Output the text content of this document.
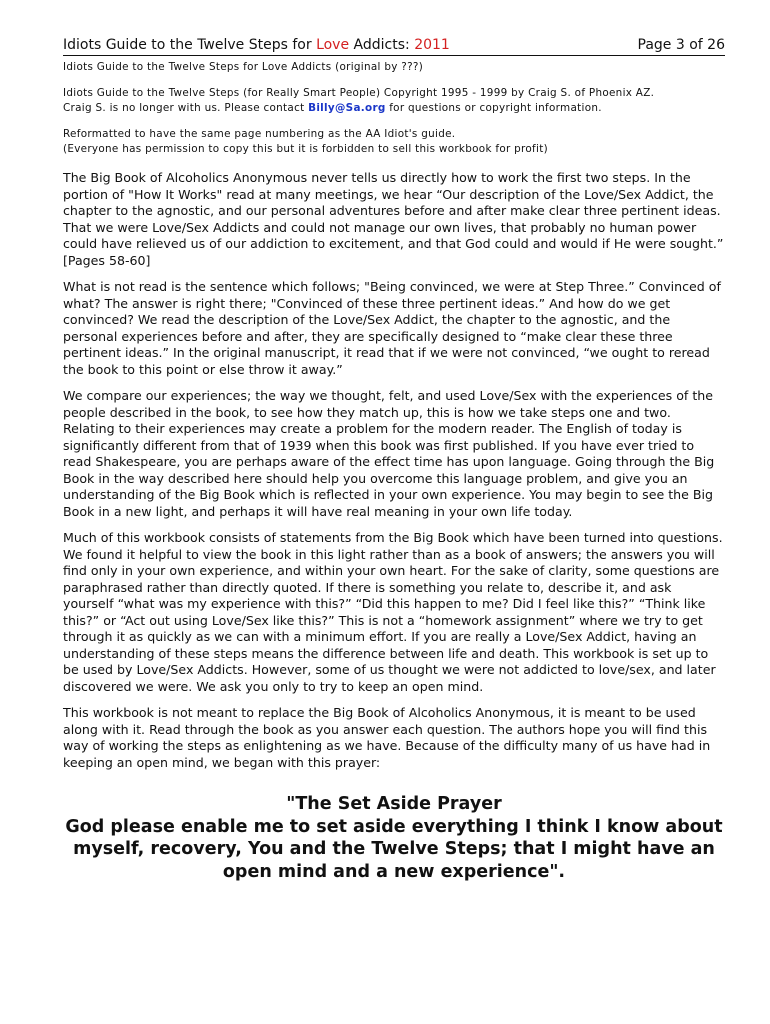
Idiots Guide to the Twelve Steps for Love Addicts: 2011	Page 3 of 26

Idiots Guide to the Twelve Steps for Love Addicts (original by ???)

Idiots Guide to the Twelve Steps (for Really Smart People) Copyright 1995 - 1999 by Craig S. of Phoenix AZ.

Craig S. is no longer with us. Please contact Billy@Sa.org for questions or copyright information.

Reformatted to have the same page numbering as the AA Idiot's guide.

(Everyone has permission to copy this but it is forbidden to sell this workbook for profit)

The Big Book of Alcoholics Anonymous never tells us directly how to work the first two steps. In the portion of "How It Works" read at many meetings, we hear “Our description of the Love/Sex Addict, the chapter to the agnostic, and our personal adventures before and after make clear three pertinent ideas. That we were Love/Sex Addicts and could not manage our own lives, that probably no human power could have relieved us of our addiction to excitement, and that God could and would if He were sought.” [Pages 58-60]

What is not read is the sentence which follows; "Being convinced, we were at Step Three.” Convinced of what? The answer is right there; "Convinced of these three pertinent ideas.” And how do we get convinced? We read the description of the Love/Sex Addict, the chapter to the agnostic, and the personal experiences before and after, they are specifically designed to “make clear these three pertinent ideas.” In the original manuscript, it read that if we were not convinced, “we ought to reread the book to this point or else throw it away.”

We compare our experiences; the way we thought, felt, and used Love/Sex with the experiences of the people described in the book, to see how they match up, this is how we take steps one and two. Relating to their experiences may create a problem for the modern reader. The English of today is significantly different from that of 1939 when this book was first published. If you have ever tried to read Shakespeare, you are perhaps aware of the effect time has upon language. Going through the Big Book in the way described here should help you overcome this language problem, and give you an understanding of the Big Book which is reflected in your own experience. You may begin to see the Big Book in a new light, and perhaps it will have real meaning in your own life today.

Much of this workbook consists of statements from the Big Book which have been turned into questions. We found it helpful to view the book in this light rather than as a book of answers; the answers you will find only in your own experience, and within your own heart. For the sake of clarity, some questions are paraphrased rather than directly quoted. If there is something you relate to, describe it, and ask yourself “what was my experience with this?” “Did this happen to me? Did I feel like this?” “Think like this?” or “Act out using Love/Sex like this?” This is not a “homework assignment” where we try to get through it as quickly as we can with a minimum effort. If you are really a Love/Sex Addict, having an understanding of these steps means the difference between life and death. This workbook is set up to be used by Love/Sex Addicts. However, some of us thought we were not addicted to love/sex, and later discovered we were. We ask you only to try to keep an open mind.

This workbook is not meant to replace the Big Book of Alcoholics Anonymous, it is meant to be used along with it. Read through the book as you answer each question. The authors hope you will find this way of working the steps as enlightening as we have. Because of the difficulty many of us have had in keeping an open mind, we began with this prayer:

"The Set Aside Prayer
God please enable me to set aside everything I think I know about myself, recovery, You and the Twelve Steps; that I might have an open mind and a new experience".
